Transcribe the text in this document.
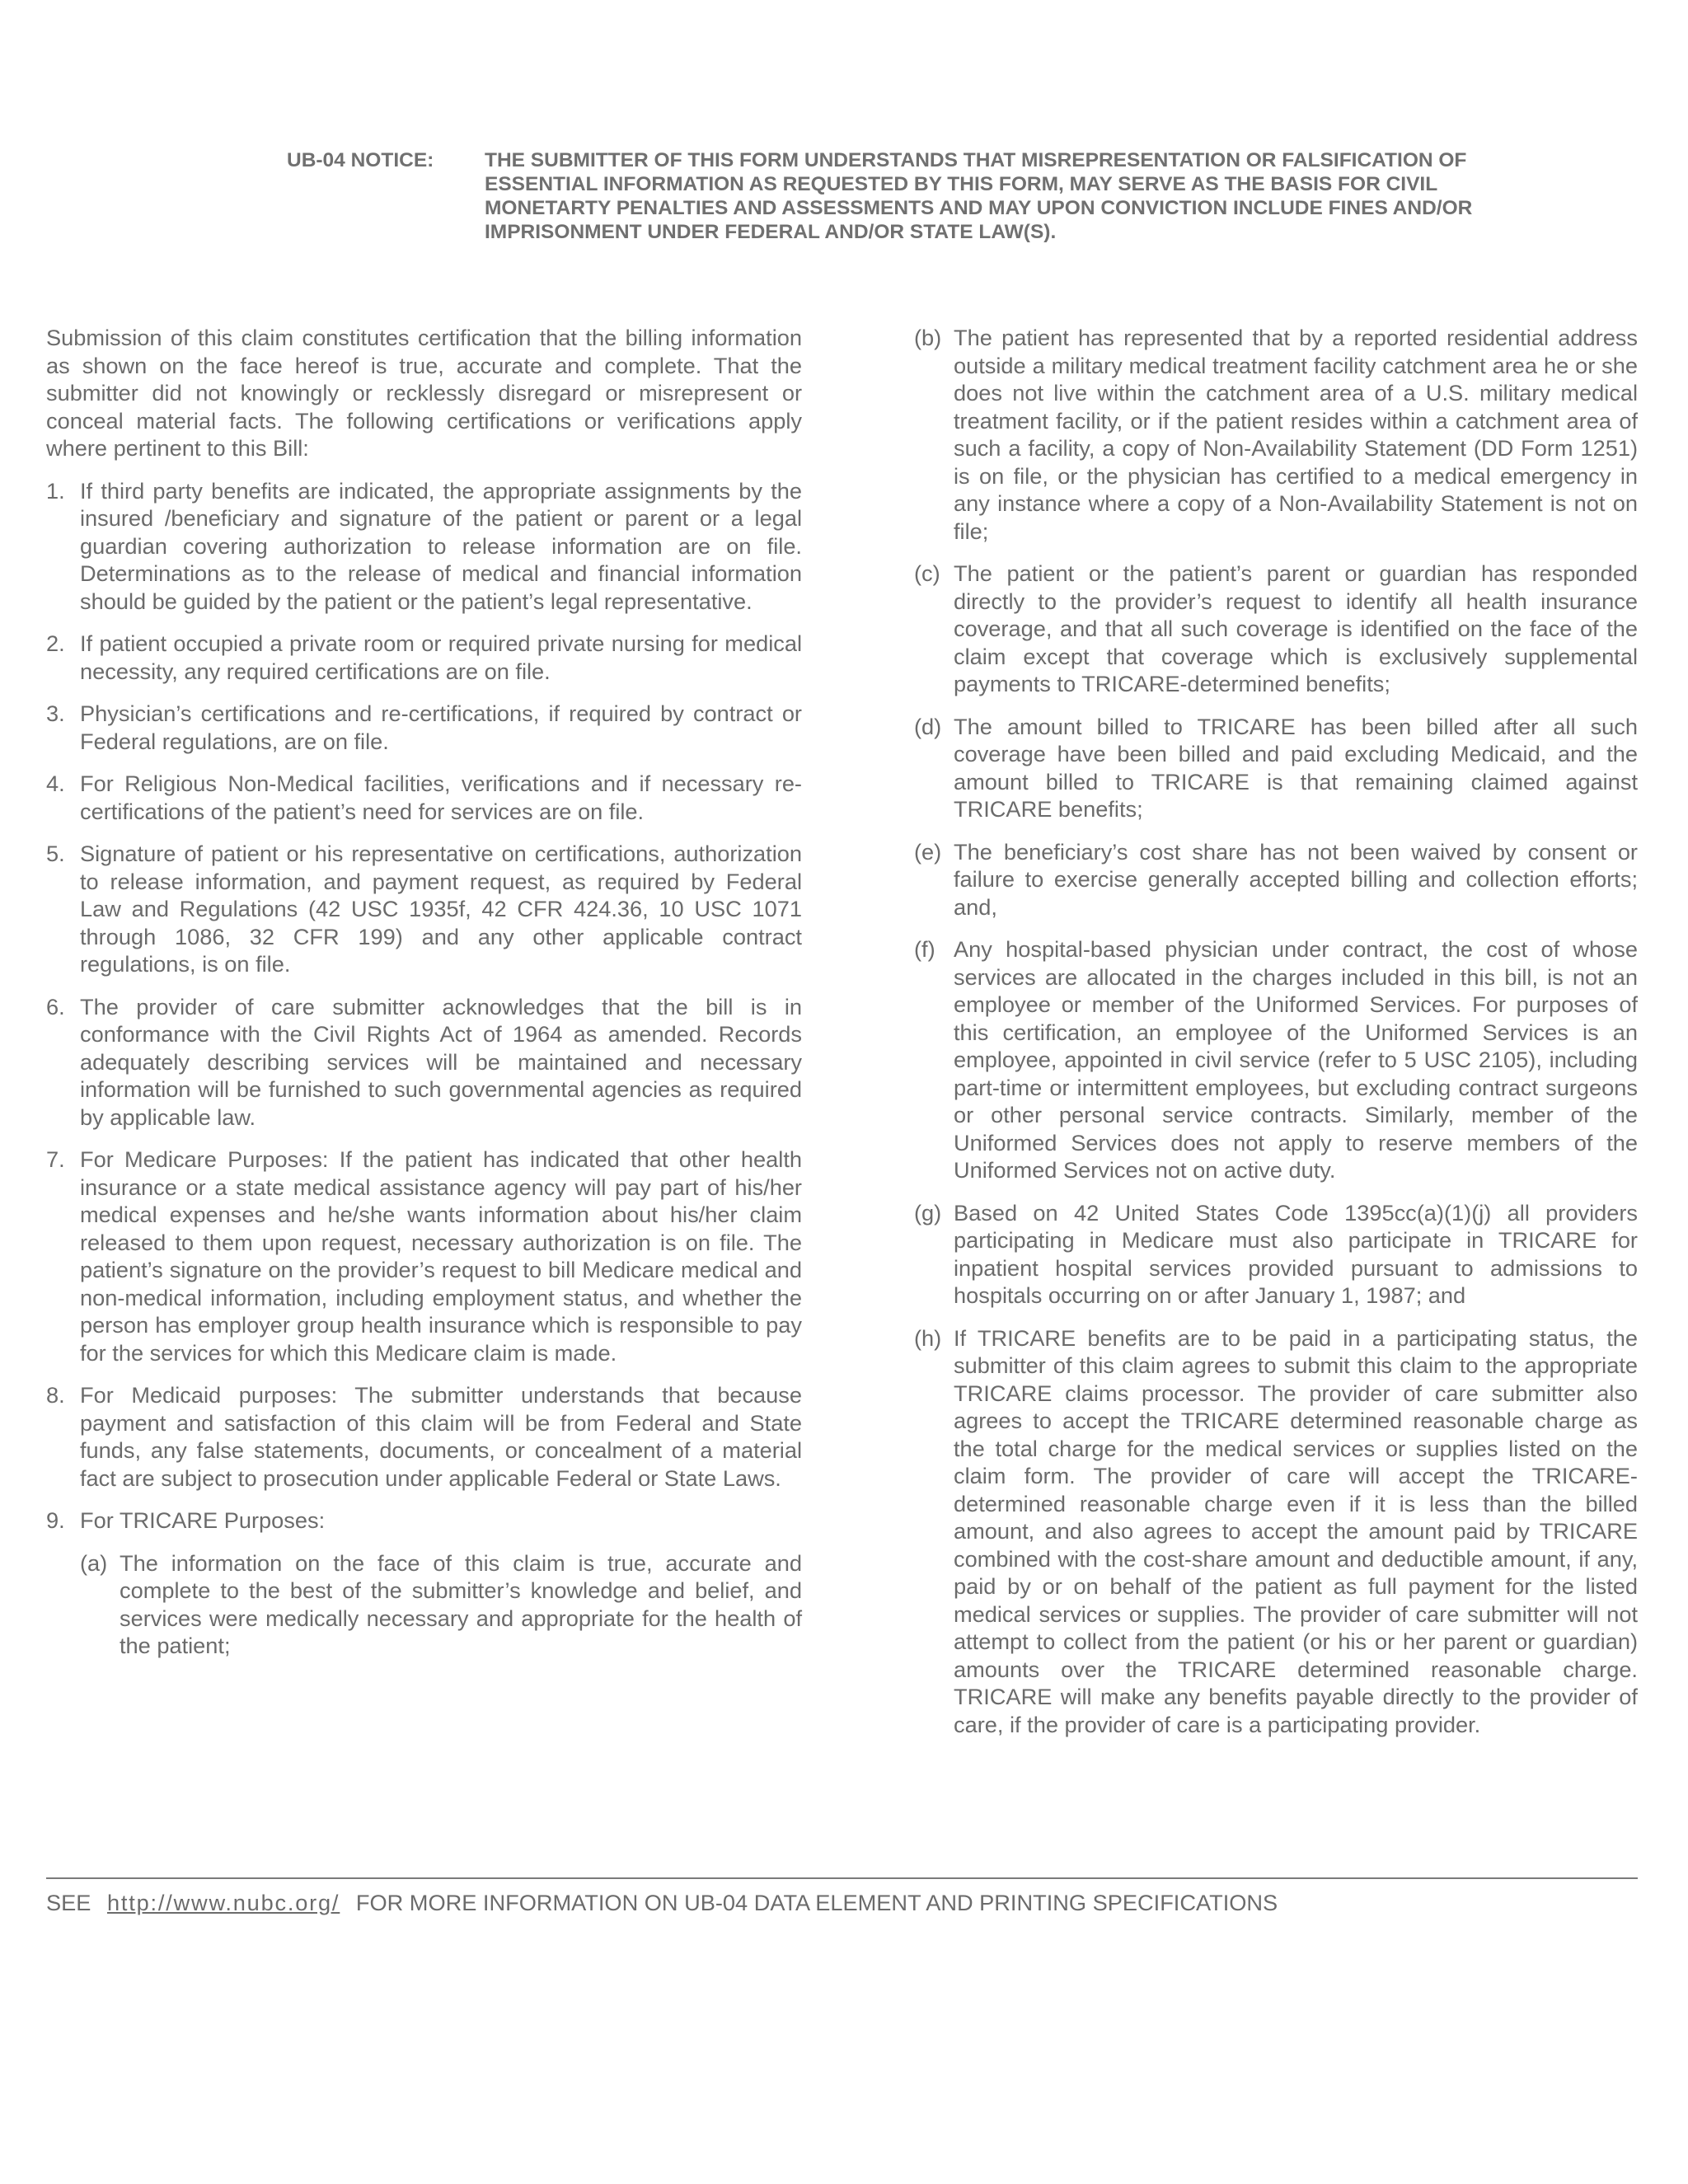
UB-04 NOTICE:	THE SUBMITTER OF THIS FORM UNDERSTANDS THAT MISREPRESENTATION OR FALSIFICATION OF ESSENTIAL INFORMATION AS REQUESTED BY THIS FORM, MAY SERVE AS THE BASIS FOR CIVIL MONETARTY PENALTIES AND ASSESSMENTS AND MAY UPON CONVICTION INCLUDE FINES AND/OR IMPRISONMENT UNDER FEDERAL AND/OR STATE LAW(S).

Submission of this claim constitutes certification that the billing information as shown on the face hereof is true, accurate and complete. That the submitter did not knowingly or recklessly disregard or misrepresent or conceal material facts. The following certifications or verifications apply where pertinent to this Bill:

1. If third party benefits are indicated, the appropriate assignments by the insured /beneficiary and signature of the patient or parent or a legal guardian covering authorization to release information are on file. Determinations as to the release of medical and financial information should be guided by the patient or the patient’s legal representative.
2. If patient occupied a private room or required private nursing for medical necessity, any required certifications are on file.
3. Physician’s certifications and re-certifications, if required by contract or Federal regulations, are on file.
4. For Religious Non-Medical facilities, verifications and if necessary re-certifications of the patient’s need for services are on file.
5. Signature of patient or his representative on certifications, authorization to release information, and payment request, as required by Federal Law and Regulations (42 USC 1935f, 42 CFR 424.36, 10 USC 1071 through 1086, 32 CFR 199) and any other applicable contract regulations, is on file.
6. The provider of care submitter acknowledges that the bill is in conformance with the Civil Rights Act of 1964 as amended. Records adequately describing services will be maintained and necessary information will be furnished to such governmental agencies as required by applicable law.
7. For Medicare Purposes: If the patient has indicated that other health insurance or a state medical assistance agency will pay part of his/her medical expenses and he/she wants information about his/her claim released to them upon request, necessary authorization is on file. The patient’s signature on the provider’s request to bill Medicare medical and non-medical information, including employment status, and whether the person has employer group health insurance which is responsible to pay for the services for which this Medicare claim is made.
8. For Medicaid purposes: The submitter understands that because payment and satisfaction of this claim will be from Federal and State funds, any false statements, documents, or concealment of a material fact are subject to prosecution under applicable Federal or State Laws.
9. For TRICARE Purposes:
(a) The information on the face of this claim is true, accurate and complete to the best of the submitter’s knowledge and belief, and services were medically necessary and appropriate for the health of the patient;
(b) The patient has represented that by a reported residential address outside a military medical treatment facility catchment area he or she does not live within the catchment area of a U.S. military medical treatment facility, or if the patient resides within a catchment area of such a facility, a copy of Non-Availability Statement (DD Form 1251) is on file, or the physician has certified to a medical emergency in any instance where a copy of a Non-Availability Statement is not on file;
(c) The patient or the patient’s parent or guardian has responded directly to the provider’s request to identify all health insurance coverage, and that all such coverage is identified on the face of the claim except that coverage which is exclusively supplemental payments to TRICARE-determined benefits;
(d) The amount billed to TRICARE has been billed after all such coverage have been billed and paid excluding Medicaid, and the amount billed to TRICARE is that remaining claimed against TRICARE benefits;
(e) The beneficiary’s cost share has not been waived by consent or failure to exercise generally accepted billing and collection efforts; and,
(f) Any hospital-based physician under contract, the cost of whose services are allocated in the charges included in this bill, is not an employee or member of the Uniformed Services. For purposes of this certification, an employee of the Uniformed Services is an employee, appointed in civil service (refer to 5 USC 2105), including part-time or intermittent employees, but excluding contract surgeons or other personal service contracts. Similarly, member of the Uniformed Services does not apply to reserve members of the Uniformed Services not on active duty.
(g) Based on 42 United States Code 1395cc(a)(1)(j) all providers participating in Medicare must also participate in TRICARE for inpatient hospital services provided pursuant to admissions to hospitals occurring on or after January 1, 1987; and
(h) If TRICARE benefits are to be paid in a participating status, the submitter of this claim agrees to submit this claim to the appropriate TRICARE claims processor. The provider of care submitter also agrees to accept the TRICARE determined reasonable charge as the total charge for the medical services or supplies listed on the claim form. The provider of care will accept the TRICARE-determined reasonable charge even if it is less than the billed amount, and also agrees to accept the amount paid by TRICARE combined with the cost-share amount and deductible amount, if any, paid by or on behalf of the patient as full payment for the listed medical services or supplies. The provider of care submitter will not attempt to collect from the patient (or his or her parent or guardian) amounts over the TRICARE determined reasonable charge. TRICARE will make any benefits payable directly to the provider of care, if the provider of care is a participating provider.
SEE http://www.nubc.org/ FOR MORE INFORMATION ON UB-04 DATA ELEMENT AND PRINTING SPECIFICATIONS
